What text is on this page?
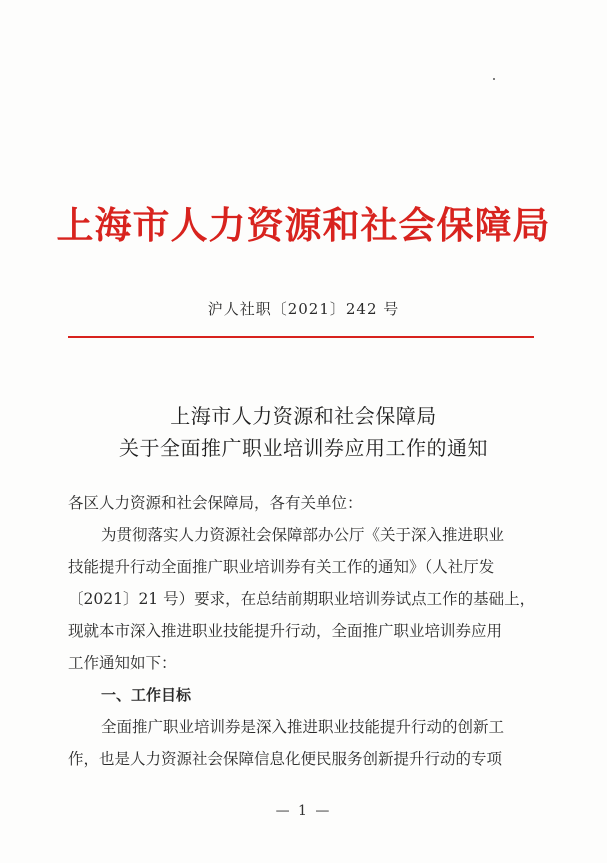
上海市人力资源和社会保障局
沪人社职〔2021〕242 号
上海市人力资源和社会保障局
关于全面推广职业培训券应用工作的通知
各区人力资源和社会保障局，各有关单位：
为贯彻落实人力资源社会保障部办公厅《关于深入推进职业
技能提升行动全面推广职业培训券有关工作的通知》（人社厅发
〔2021〕21 号）要求，在总结前期职业培训券试点工作的基础上，
现就本市深入推进职业技能提升行动，全面推广职业培训券应用
工作通知如下：
一、工作目标
全面推广职业培训券是深入推进职业技能提升行动的创新工
作，也是人力资源社会保障信息化便民服务创新提升行动的专项
— 1 —
